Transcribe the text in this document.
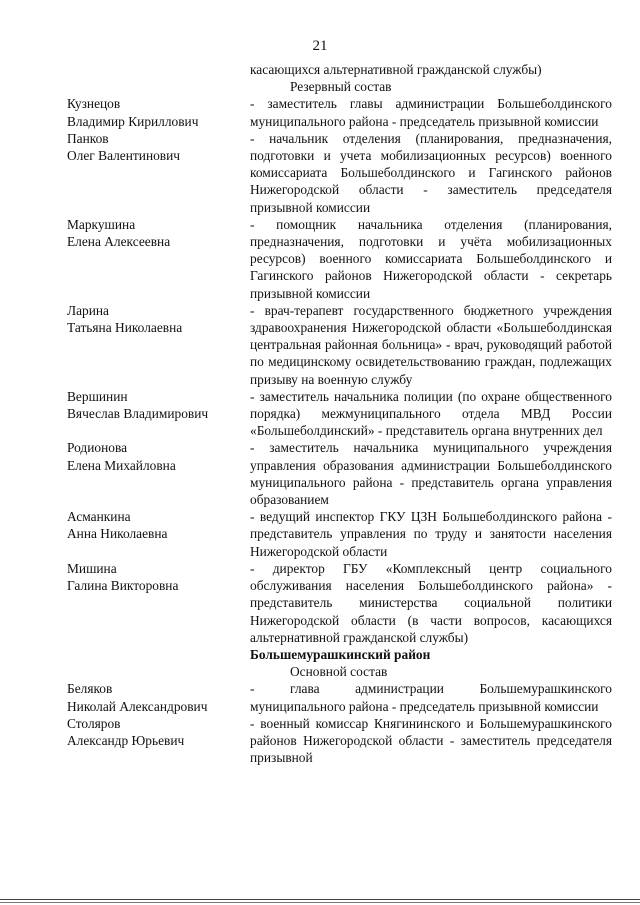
21
касающихся альтернативной гражданской службы)
Резервный состав
Кузнецов
Владимир Кириллович
- заместитель главы администрации Большеболдинского муниципального района - председатель призывной комиссии
Панков
Олег Валентинович
- начальник отделения (планирования, предназначения, подготовки и учета мобилизационных ресурсов) военного комиссариата Большеболдинского и Гагинского районов Нижегородской области - заместитель председателя призывной комиссии
Маркушина
Елена Алексеевна
- помощник начальника отделения (планирования, предназначения, подготовки и учёта мобилизационных ресурсов) военного комиссариата Большеболдинского и Гагинского районов Нижегородской области - секретарь призывной комиссии
Ларина
Татьяна Николаевна
- врач-терапевт государственного бюджетного учреждения здравоохранения Нижегородской области «Большеболдинская центральная районная больница» - врач, руководящий работой по медицинскому освидетельствованию граждан, подлежащих призыву на военную службу
Вершинин
Вячеслав Владимирович
- заместитель начальника полиции (по охране общественного порядка) межмуниципального отдела МВД России «Большеболдинский» - представитель органа внутренних дел
Родионова
Елена Михайловна
- заместитель начальника муниципального учреждения управления образования администрации Большеболдинского муниципального района - представитель органа управления образованием
Асманкина
Анна Николаевна
- ведущий инспектор ГКУ ЦЗН Большеболдинского района - представитель управления по труду и занятости населения Нижегородской области
Мишина
Галина Викторовна
- директор ГБУ «Комплексный центр социального обслуживания населения Большеболдинского района» - представитель министерства социальной политики Нижегородской области (в части вопросов, касающихся альтернативной гражданской службы)
Большемурашкинский район
Основной состав
Беляков
Николай Александрович
- глава администрации Большемурашкинского муниципального района - председатель призывной комиссии
Столяров
Александр Юрьевич
- военный комиссар Княгининского и Большемурашкинского районов Нижегородской области - заместитель председателя призывной
